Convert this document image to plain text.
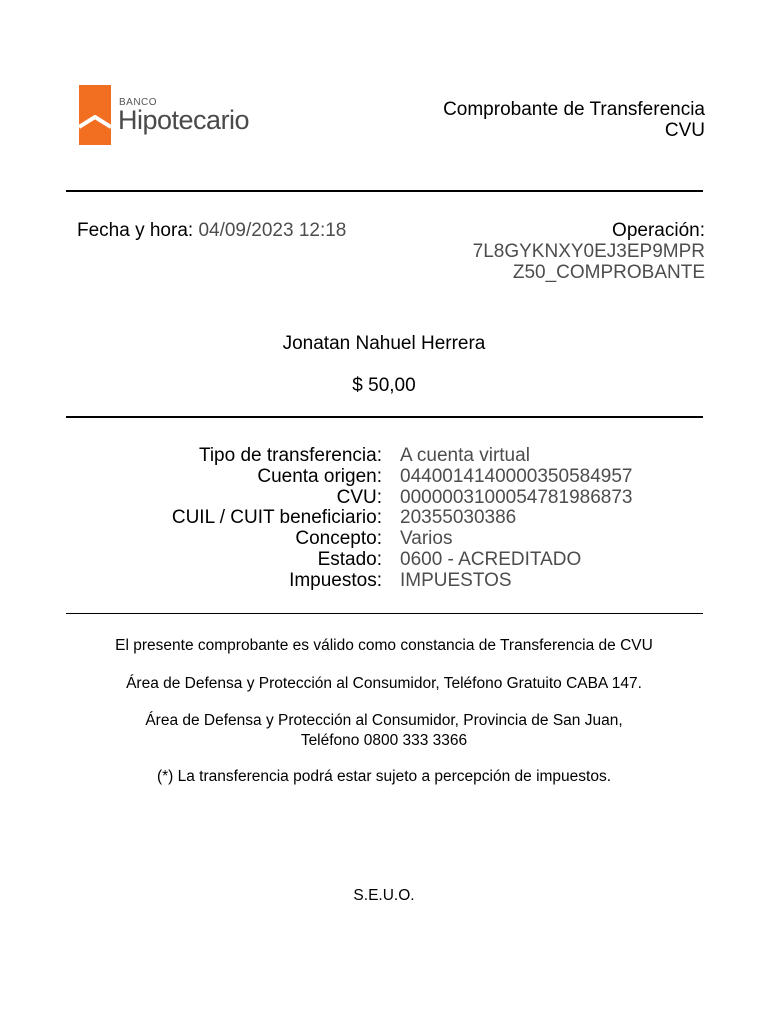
BANCO
Hipotecario	Comprobante de Transferencia
CVU
Fecha y hora: 04/09/2023 12:18	Operación:
7L8GYKNXY0EJ3EP9MPR
Z50_COMPROBANTE
Jonatan Nahuel Herrera
$ 50,00
Tipo de transferencia: A cuenta virtual
Cuenta origen: 0440014140000350584957
CVU: 0000003100054781986873
CUIL / CUIT beneficiario: 20355030386
Concepto: Varios
Estado: 0600 - ACREDITADO
Impuestos: IMPUESTOS
El presente comprobante es válido como constancia de Transferencia de CVU
Área de Defensa y Protección al Consumidor, Teléfono Gratuito CABA 147.
Área de Defensa y Protección al Consumidor, Provincia de San Juan,
Teléfono 0800 333 3366
(*) La transferencia podrá estar sujeto a percepción de impuestos.
S.E.U.O.
